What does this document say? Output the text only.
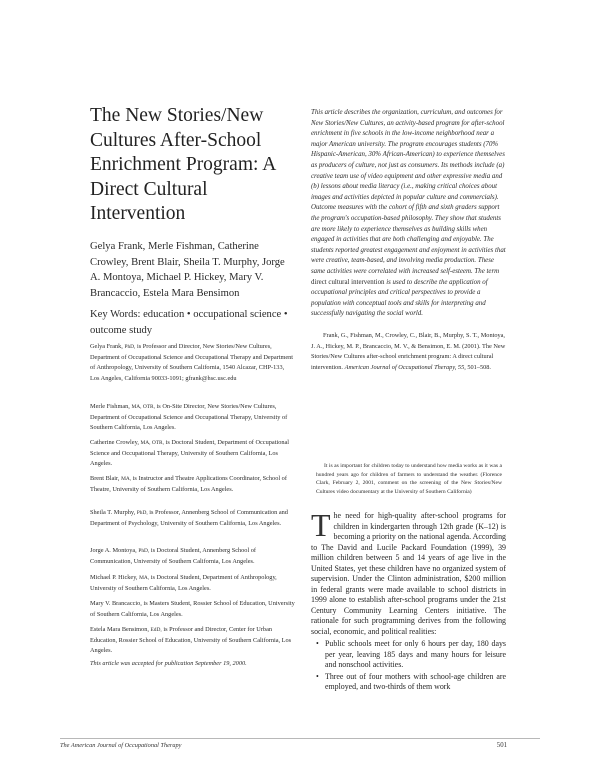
The New Stories/New Cultures After-School Enrichment Program: A Direct Cultural Intervention
Gelya Frank, Merle Fishman, Catherine Crowley, Brent Blair, Sheila T. Murphy, Jorge A. Montoya, Michael P. Hickey, Mary V. Brancaccio, Estela Mara Bensimon
Key Words: education • occupational science • outcome study
Gelya Frank, PhD, is Professor and Director, New Stories/New Cultures, Department of Occupational Science and Occupational Therapy and Department of Anthropology, University of Southern California, 1540 Alcazar, CHP-133, Los Angeles, California 90033-1091; gfrank@hsc.usc.edu
Merle Fishman, MA, OTR, is On-Site Director, New Stories/New Cultures, Department of Occupational Science and Occupational Therapy, University of Southern California, Los Angeles.
Catherine Crowley, MA, OTR, is Doctoral Student, Department of Occupational Science and Occupational Therapy, University of Southern California, Los Angeles.
Brent Blair, MA, is Instructor and Theatre Applications Coordinator, School of Theatre, University of Southern California, Los Angeles.
Sheila T. Murphy, PhD, is Professor, Annenberg School of Communication and Department of Psychology, University of Southern California, Los Angeles.
Jorge A. Montoya, PhD, is Doctoral Student, Annenberg School of Communication, University of Southern California, Los Angeles.
Michael P. Hickey, MA, is Doctoral Student, Department of Anthropology, University of Southern California, Los Angeles.
Mary V. Brancaccio, is Masters Student, Rossier School of Education, University of Southern California, Los Angeles.
Estela Mara Bensimon, EdD, is Professor and Director, Center for Urban Education, Rossier School of Education, University of Southern California, Los Angeles.
This article was accepted for publication September 19, 2000.
This article describes the organization, curriculum, and outcomes for New Stories/New Cultures, an activity-based program for after-school enrichment in five schools in the low-income neighborhood near a major American university. The program encourages students (70% Hispanic-American, 30% African-American) to experience themselves as producers of culture, not just as consumers. Its methods include (a) creative team use of video equipment and other expressive media and (b) lessons about media literacy (i.e., making critical choices about images and activities depicted in popular culture and commercials). Outcome measures with the cohort of fifth and sixth graders support the program's occupation-based philosophy. They show that students are more likely to experience themselves as building skills when engaged in activities that are both challenging and enjoyable. The students reported greatest engagement and enjoyment in activities that were creative, team-based, and involving media production. These same activities were correlated with increased self-esteem. The term direct cultural intervention is used to describe the application of occupational principles and critical perspectives to provide a population with conceptual tools and skills for interpreting and successfully navigating the social world.
Frank, G., Fishman, M., Crowley, C., Blair, B., Murphy, S. T., Montoya, J. A., Hickey, M. P., Brancaccio, M. V., & Bensimon, E. M. (2001). The New Stories/New Cultures after-school enrichment program: A direct cultural intervention. American Journal of Occupational Therapy, 55, 501–508.
It is as important for children today to understand how media works as it was a hundred years ago for children of farmers to understand the weather. (Florence Clark, February 2, 2001, comment on the screening of the New Stories/New Cultures video documentary at the University of Southern California)
The need for high-quality after-school programs for children in kindergarten through 12th grade (K–12) is becoming a priority on the national agenda. According to The David and Lucile Packard Foundation (1999), 39 million children between 5 and 14 years of age live in the United States, yet these children have no organized system of supervision. Under the Clinton administration, $200 million in federal grants were made available to school districts in 1999 alone to establish after-school programs under the 21st Century Community Learning Centers initiative. The rationale for such programming derives from the following social, economic, and political realities:
• Public schools meet for only 6 hours per day, 180 days per year, leaving 185 days and many hours for leisure and nonschool activities.
• Three out of four mothers with school-age children are employed, and two-thirds of them work
The American Journal of Occupational Therapy	501
